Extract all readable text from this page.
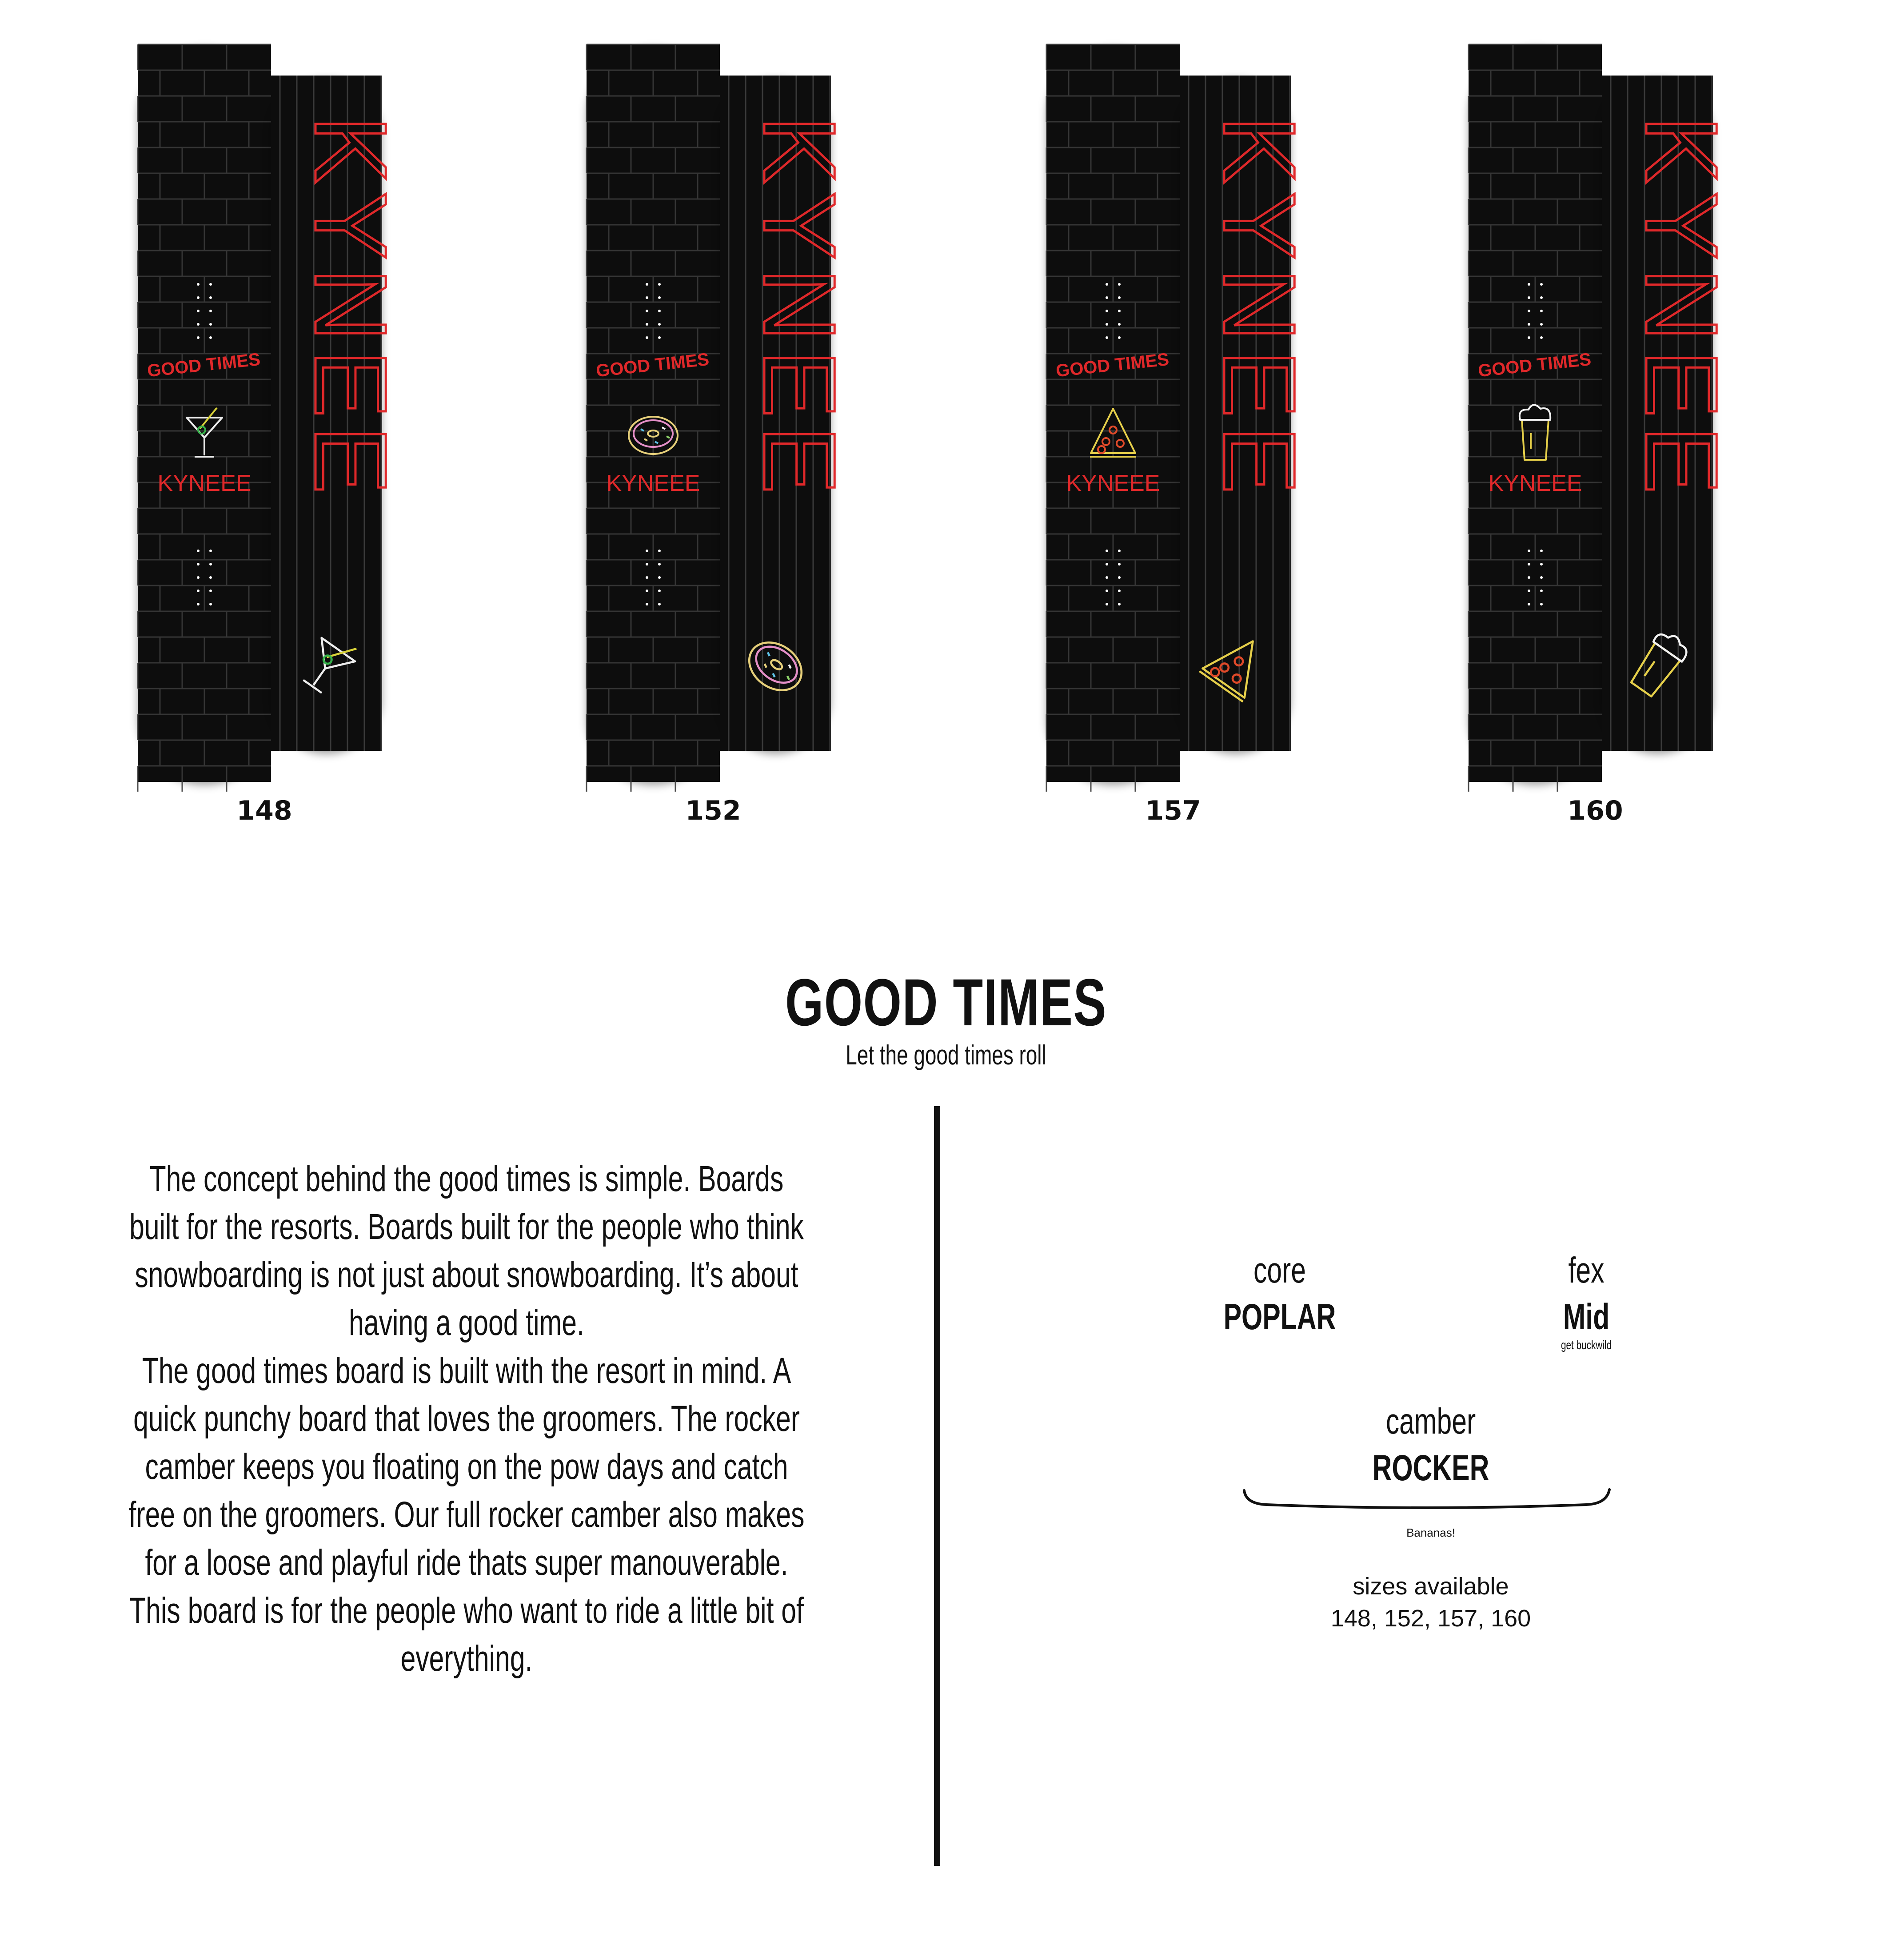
GOOD TIMES
KYNEEE KYNEE
148
GOOD TIMES
KYNEEE KYNEE
152
GOOD TIMES
KYNEEE KYNEE
157
GOOD TIMES
KYNEEE KYNEE
160
GOOD TIMES
Let the good times roll

The concept behind the good times is simple. Boards built for the resorts. Boards built for the people who think snowboarding is not just about snowboarding. It’s about having a good time.

The good times board is built with the resort in mind. A quick punchy board that loves the groomers. The rocker camber keeps you floating on the pow days and catch free on the groomers. Our full rocker camber also makes for a loose and playful ride thats super manouverable.

This board is for the people who want to ride a little bit of everything.

core
POPLAR
fex
Mid
get buckwild
camber
ROCKER
Bananas!
sizes available
148, 152, 157, 160
